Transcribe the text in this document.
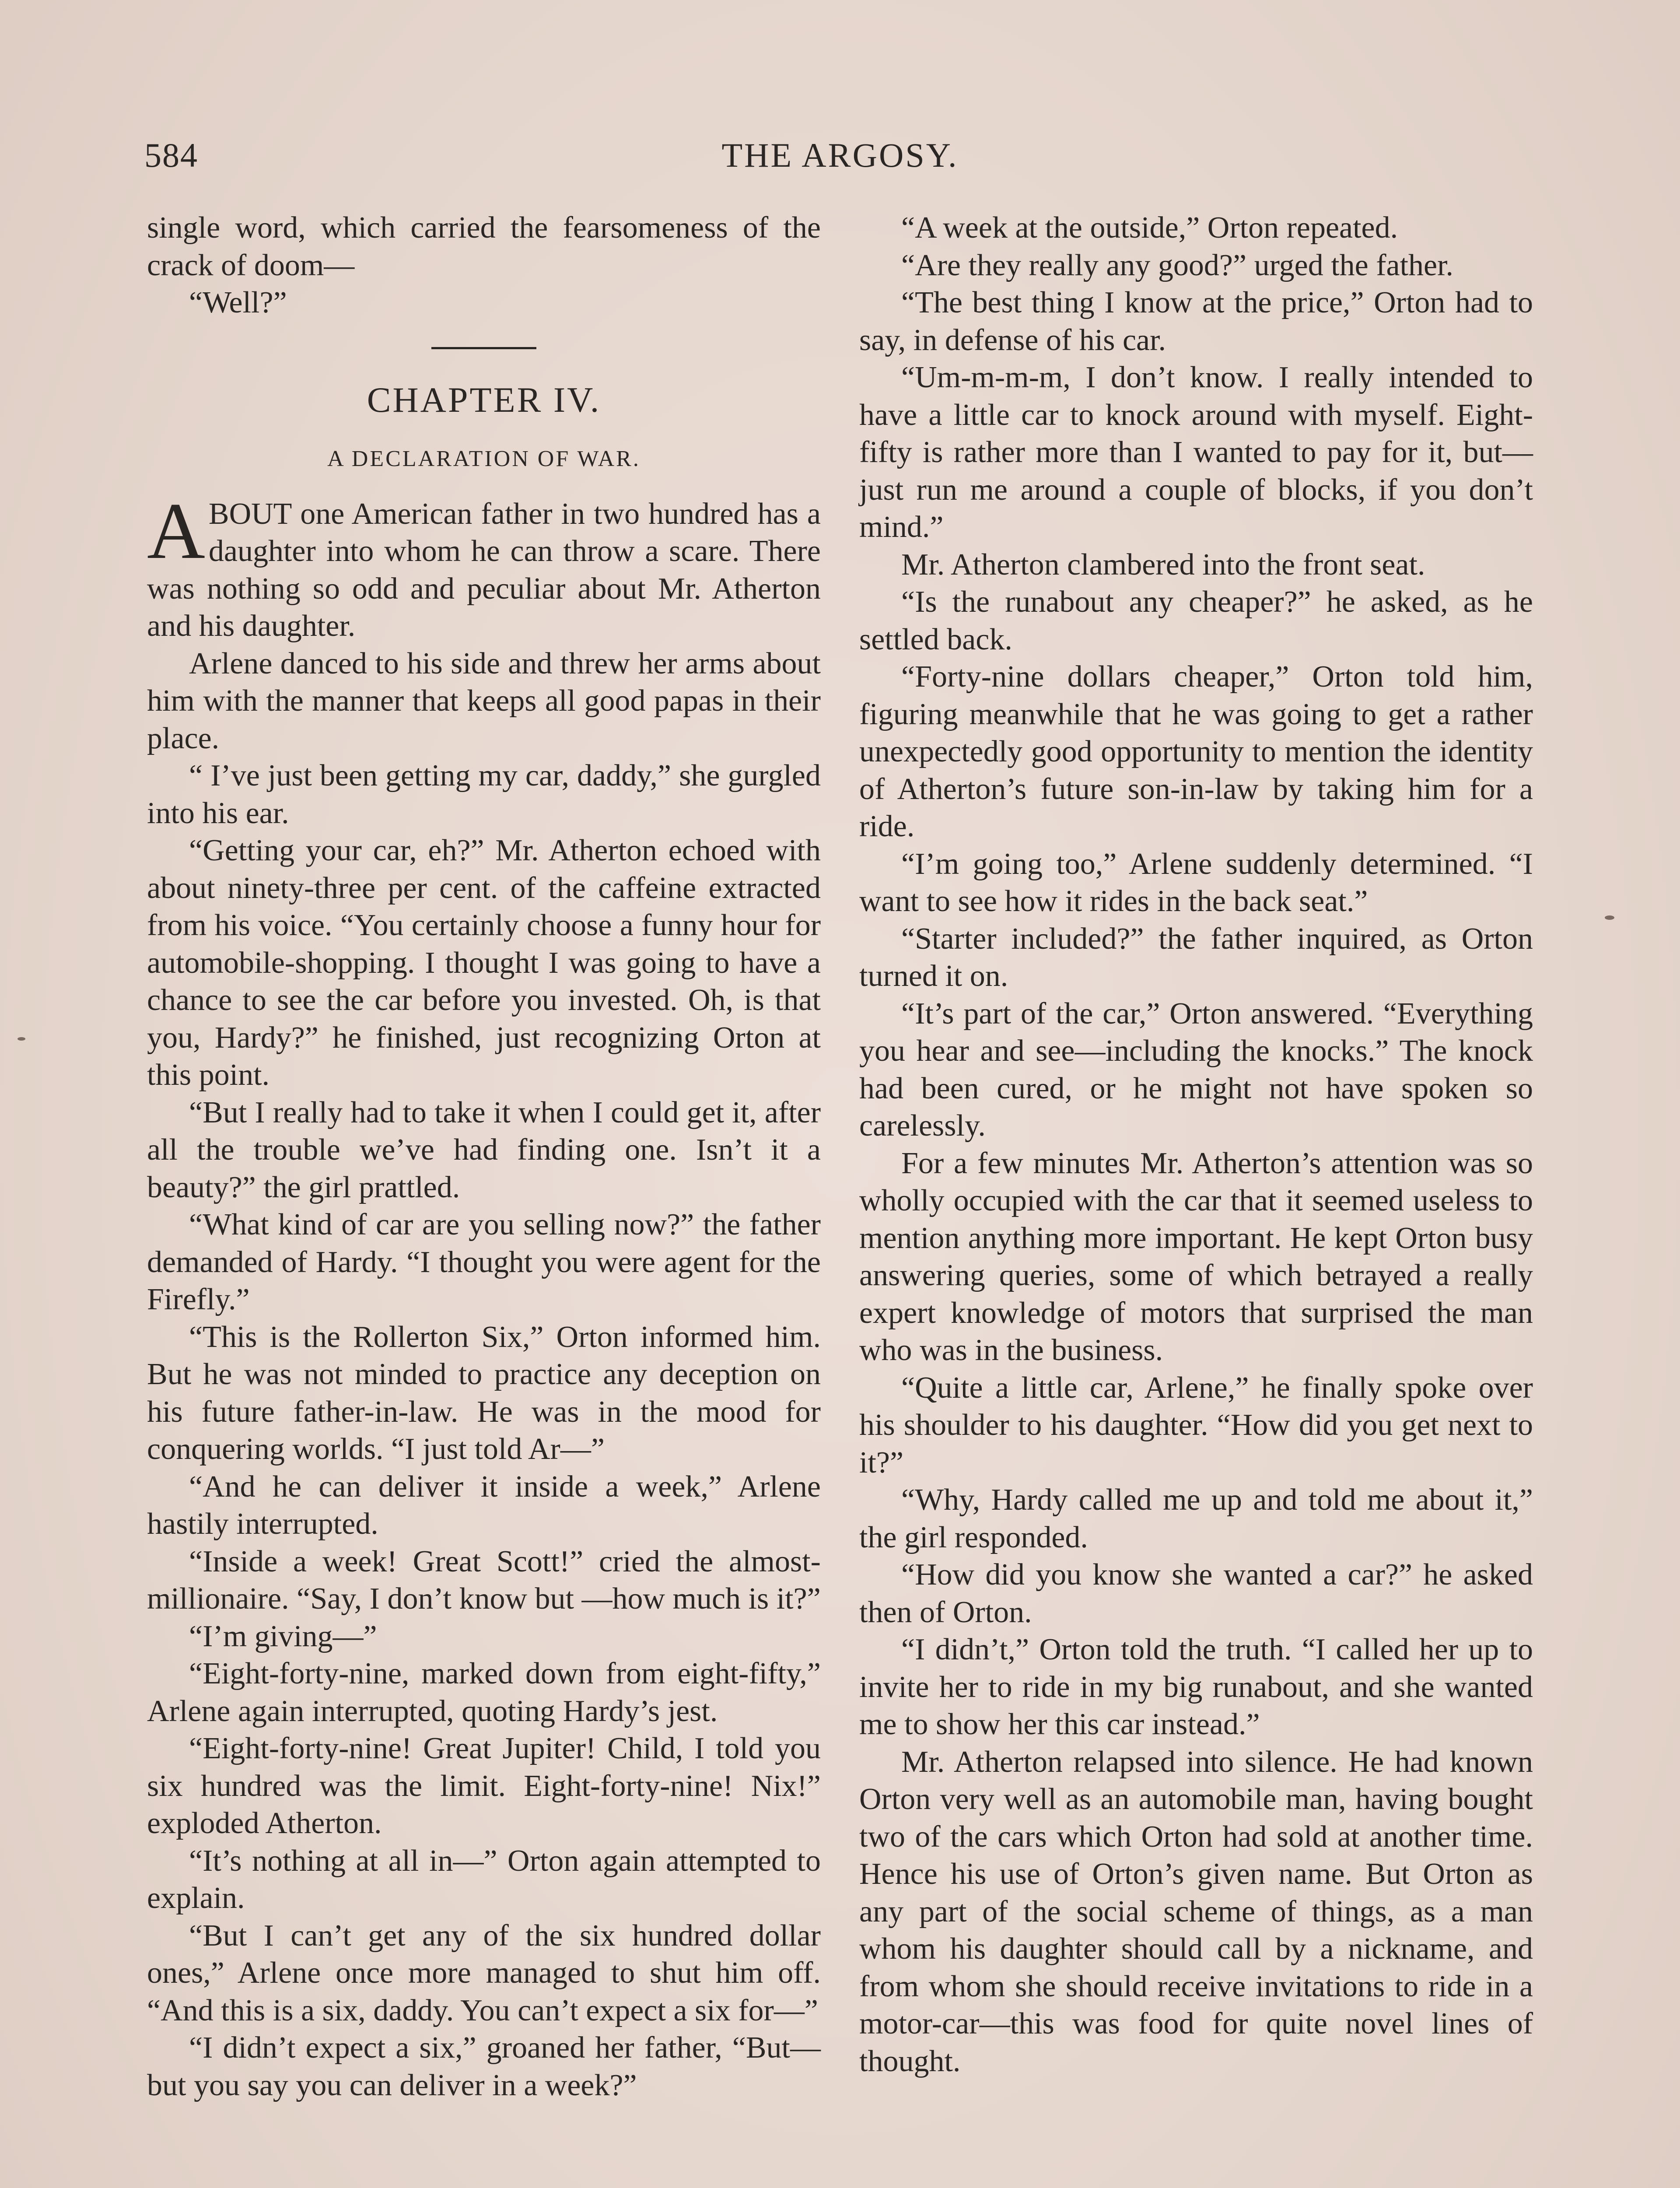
584	THE ARGOSY.

single word, which carried the fearsomeness of the crack of doom—

“Well?”

CHAPTER IV.
A DECLARATION OF WAR.

ABOUT one American father in two hundred has a daughter into whom he can throw a scare. There was nothing so odd and peculiar about Mr. Atherton and his daughter.

Arlene danced to his side and threw her arms about him with the manner that keeps all good papas in their place.

“ I’ve just been getting my car, daddy,” she gurgled into his ear.

“Getting your car, eh?” Mr. Atherton echoed with about ninety-three per cent. of the caffeine extracted from his voice. “You certainly choose a funny hour for automobile-shopping. I thought I was going to have a chance to see the car before you invested. Oh, is that you, Hardy?” he finished, just recognizing Orton at this point.

“But I really had to take it when I could get it, after all the trouble we’ve had finding one. Isn’t it a beauty?” the girl prattled.

“What kind of car are you selling now?” the father demanded of Hardy. “I thought you were agent for the Firefly.”

“This is the Rollerton Six,” Orton informed him. But he was not minded to practice any deception on his future father-in-law. He was in the mood for conquering worlds. “I just told Ar—”

“And he can deliver it inside a week,” Arlene hastily interrupted.

“Inside a week! Great Scott!” cried the almost-millionaire. “Say, I don’t know but —how much is it?”

“I’m giving—”

“Eight-forty-nine, marked down from eight-fifty,” Arlene again interrupted, quoting Hardy’s jest.

“Eight-forty-nine! Great Jupiter! Child, I told you six hundred was the limit. Eight-forty-nine! Nix!” exploded Atherton.

“It’s nothing at all in—” Orton again attempted to explain.

“But I can’t get any of the six hundred dollar ones,” Arlene once more managed to shut him off. “And this is a six, daddy. You can’t expect a six for—”

“I didn’t expect a six,” groaned her father, “But—but you say you can deliver in a week?”

“A week at the outside,” Orton repeated.

“Are they really any good?” urged the father.

“The best thing I know at the price,” Orton had to say, in defense of his car.

“Um-m-m-m, I don’t know. I really intended to have a little car to knock around with myself. Eight-fifty is rather more than I wanted to pay for it, but—just run me around a couple of blocks, if you don’t mind.”

Mr. Atherton clambered into the front seat.

“Is the runabout any cheaper?” he asked, as he settled back.

“Forty-nine dollars cheaper,” Orton told him, figuring meanwhile that he was going to get a rather unexpectedly good opportunity to mention the identity of Atherton’s future son-in-law by taking him for a ride.

“I’m going too,” Arlene suddenly determined. “I want to see how it rides in the back seat.”

“Starter included?” the father inquired, as Orton turned it on.

“It’s part of the car,” Orton answered. “Everything you hear and see—including the knocks.” The knock had been cured, or he might not have spoken so carelessly.

For a few minutes Mr. Atherton’s attention was so wholly occupied with the car that it seemed useless to mention anything more important. He kept Orton busy answering queries, some of which betrayed a really expert knowledge of motors that surprised the man who was in the business.

“Quite a little car, Arlene,” he finally spoke over his shoulder to his daughter. “How did you get next to it?”

“Why, Hardy called me up and told me about it,” the girl responded.

“How did you know she wanted a car?” he asked then of Orton.

“I didn’t,” Orton told the truth. “I called her up to invite her to ride in my big runabout, and she wanted me to show her this car instead.”

Mr. Atherton relapsed into silence. He had known Orton very well as an automobile man, having bought two of the cars which Orton had sold at another time. Hence his use of Orton’s given name. But Orton as any part of the social scheme of things, as a man whom his daughter should call by a nickname, and from whom she should receive invitations to ride in a motor-car—this was food for quite novel lines of thought.
